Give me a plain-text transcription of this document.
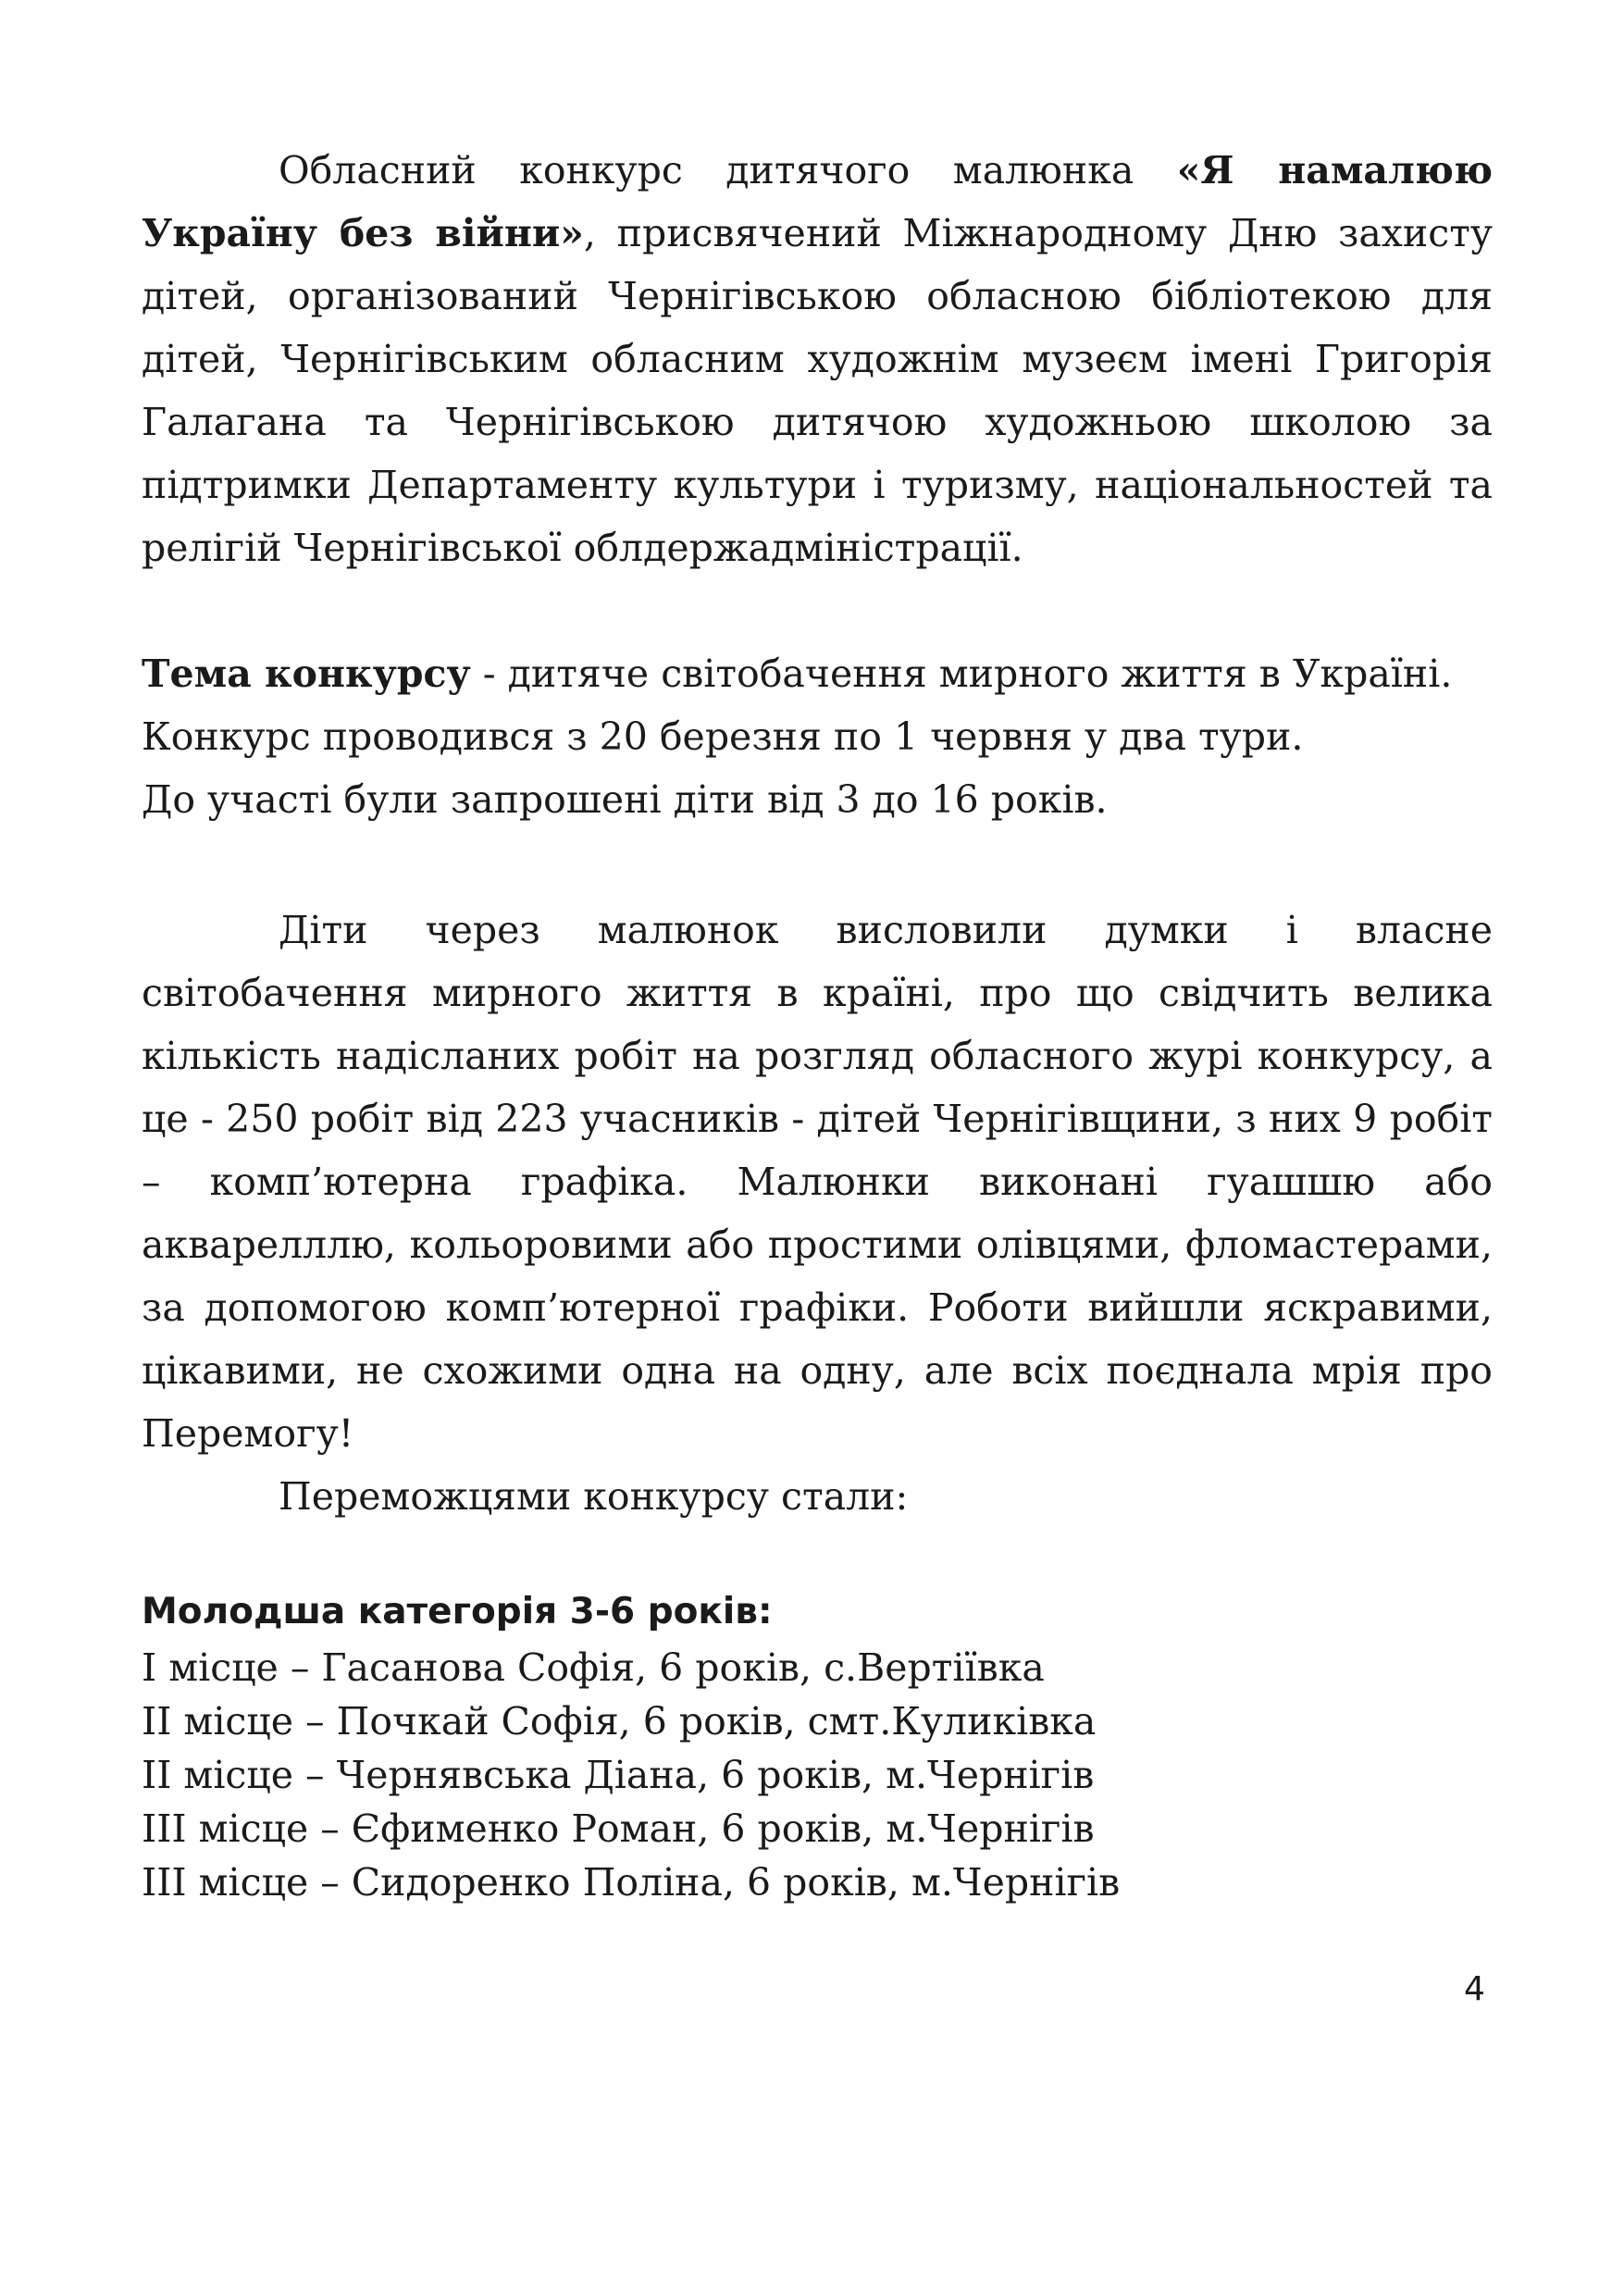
Обласний конкурс дитячого малюнка «Я намалюю Україну без війни», присвячений Міжнародному Дню захисту дітей, організований Чернігівською обласною бібліотекою для дітей, Чернігівським обласним художнім музеєм імені Григорія Галагана та Чернігівською дитячою художньою школою за підтримки Департаменту культури і туризму, національностей та релігій Чернігівської облдержадміністрації.

Тема конкурсу - дитяче світобачення мирного життя в Україні.

Конкурс проводився з 20 березня по 1 червня у два тури.

До участі були запрошені діти від 3 до 16 років.

Діти через малюнок висловили думки і власне світобачення мирного життя в країні, про що свідчить велика кількість надісланих робіт на розгляд обласного журі конкурсу, а це - 250 робіт від 223 учасників - дітей Чернігівщини, з них 9 робіт – комп’ютерна графіка. Малюнки виконані гуашшю або акварелллю, кольоровими або простими олівцями, фломастерами, за допомогою комп’ютерної графіки. Роботи вийшли яскравими, цікавими, не схожими одна на одну, але всіх поєднала мрія про Перемогу!

Переможцями конкурсу стали:

Молодша категорія 3-6 років:

І місце – Гасанова Софія, 6 років, с.Вертіївка

ІІ місце – Почкай Софія, 6 років, смт.Куликівка

ІІ місце – Чернявська Діана, 6 років, м.Чернігів

ІІІ місце – Єфименко Роман, 6 років, м.Чернігів

ІІІ місце – Сидоренко Поліна, 6 років, м.Чернігів

4
